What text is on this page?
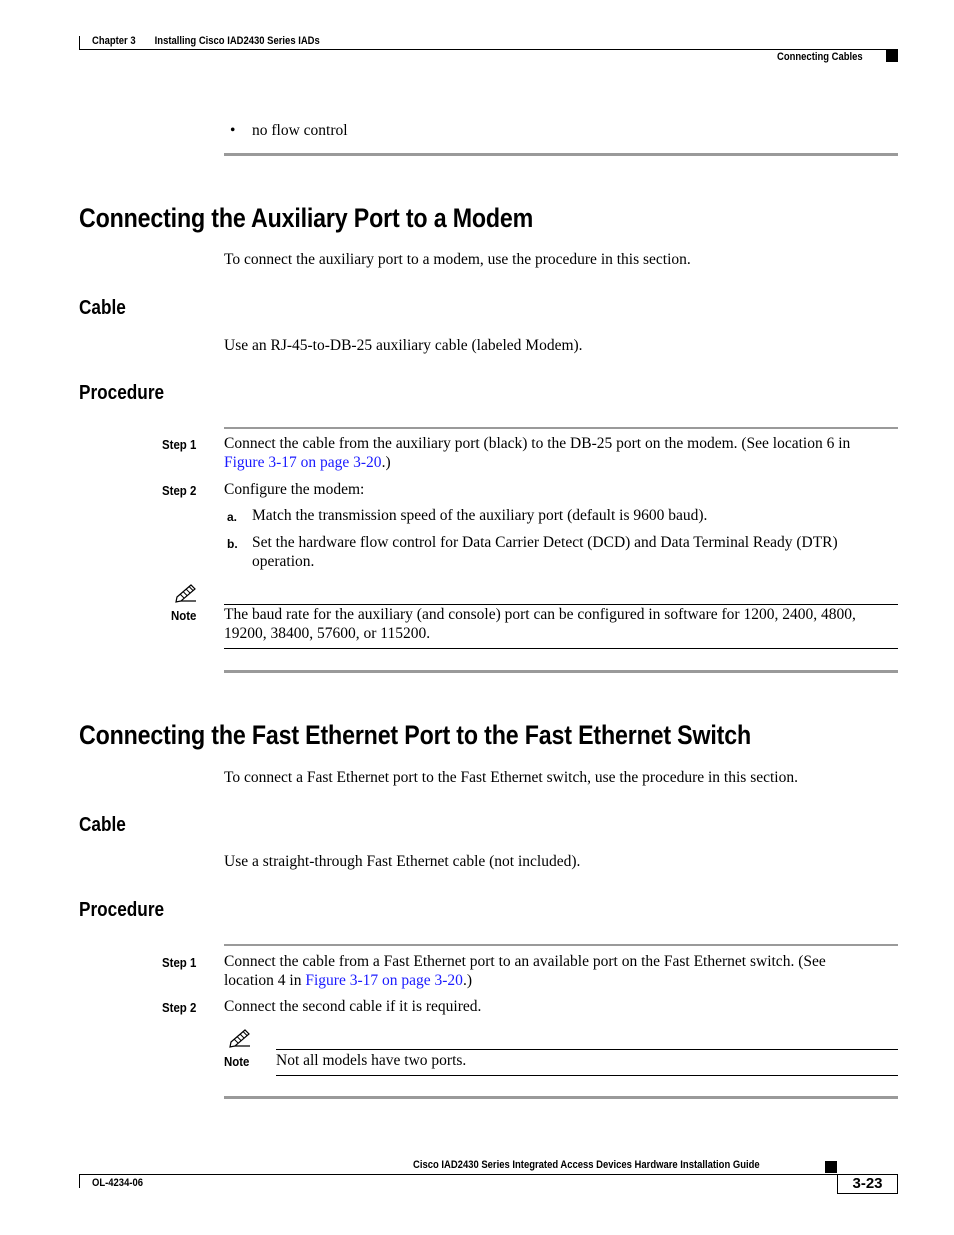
Chapter 3 Installing Cisco IAD2430 Series IADs
Connecting Cables
• no flow control
Connecting the Auxiliary Port to a Modem
To connect the auxiliary port to a modem, use the procedure in this section.
Cable
Use an RJ-45-to-DB-25 auxiliary cable (labeled Modem).
Procedure
Step 1 Connect the cable from the auxiliary port (black) to the DB-25 port on the modem. (See location 6 in Figure 3-17 on page 3-20.)
Step 2 Configure the modem:
a. Match the transmission speed of the auxiliary port (default is 9600 baud).
b. Set the hardware flow control for Data Carrier Detect (DCD) and Data Terminal Ready (DTR) operation.
Note The baud rate for the auxiliary (and console) port can be configured in software for 1200, 2400, 4800, 19200, 38400, 57600, or 115200.
Connecting the Fast Ethernet Port to the Fast Ethernet Switch
To connect a Fast Ethernet port to the Fast Ethernet switch, use the procedure in this section.
Cable
Use a straight-through Fast Ethernet cable (not included).
Procedure
Step 1 Connect the cable from a Fast Ethernet port to an available port on the Fast Ethernet switch. (See location 4 in Figure 3-17 on page 3-20.)
Step 2 Connect the second cable if it is required.
Note Not all models have two ports.
Cisco IAD2430 Series Integrated Access Devices Hardware Installation Guide
OL-4234-06	3-23
